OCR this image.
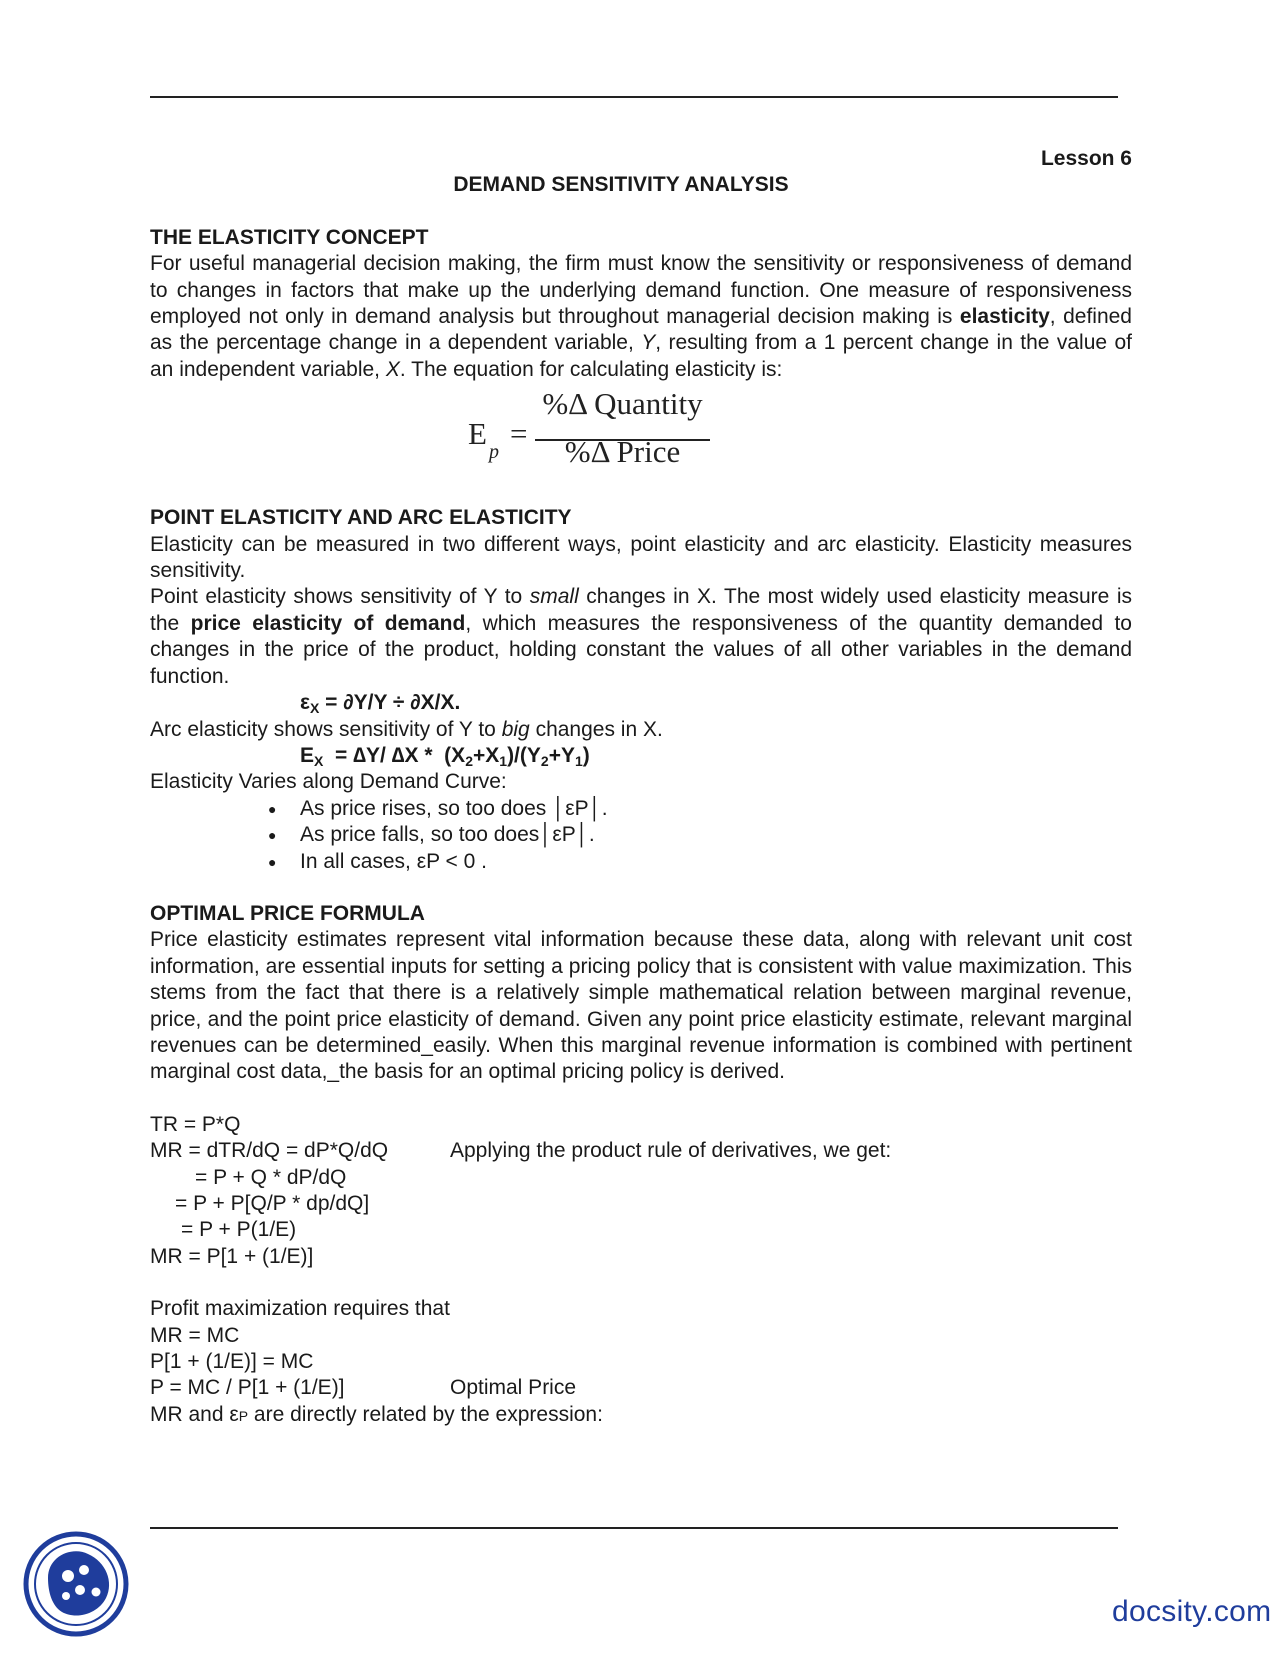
Lesson 6
DEMAND SENSITIVITY ANALYSIS
THE ELASTICITY CONCEPT

For useful managerial decision making, the firm must know the sensitivity or responsiveness of demand to changes in factors that make up the underlying demand function. One measure of responsiveness employed not only in demand analysis but throughout managerial decision making is elasticity, defined as the percentage change in a dependent variable, Y, resulting from a 1 percent change in the value of an independent variable, X. The equation for calculating elasticity is:

$E_p$
=
%Δ Quantity
%Δ Price
POINT ELASTICITY AND ARC ELASTICITY

Elasticity can be measured in two different ways, point elasticity and arc elasticity. Elasticity measures sensitivity.

Point elasticity shows sensitivity of Y to small changes in X. The most widely used elasticity measure is the price elasticity of demand, which measures the responsiveness of the quantity demanded to changes in the price of the product, holding constant the values of all other variables in the demand function.

$\varepsilon_X = \partial Y/Y \div \partial X/X$.

Arc elasticity shows sensitivity of Y to big changes in X.

$E_X = \Delta Y/$ $\Delta X * (X_2+X_1)/(Y_2+Y_1)$

Elasticity Varies along Demand Curve:

● As price rises, so too does │εP│.
● As price falls, so too does│εP│.
● In all cases, εP < 0 .
OPTIMAL PRICE FORMULA

Price elasticity estimates represent vital information because these data, along with relevant unit cost information, are essential inputs for setting a pricing policy that is consistent with value maximization. This stems from the fact that there is a relatively simple mathematical relation between marginal revenue, price, and the point price elasticity of demand. Given any point price elasticity estimate, relevant marginal revenues can be determined_easily. When this marginal revenue information is combined with pertinent marginal cost data,_the basis for an optimal pricing policy is derived.

TR = P*Q
MR = dTR/dQ = dP*Q/dQ	Applying the product rule of derivatives, we get:
= P + Q * dP/dQ
= P + P[Q/P * dp/dQ]
= P + P(1/E)
MR = P[1 + (1/E)]
Profit maximization requires that
MR = MC
P[1 + (1/E)] = MC
P = MC / P[1 + (1/E)]	Optimal Price
MR and εP are directly related by the expression:
docsity.com
